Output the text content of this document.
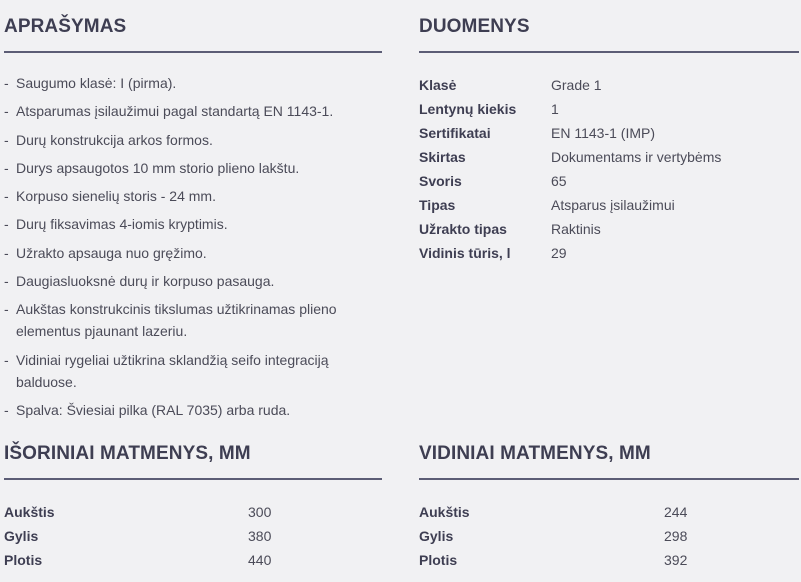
APRAŠYMAS
- Saugumo klasė: I (pirma).
- Atsparumas įsilaužimui pagal standartą EN 1143-1.
- Durų konstrukcija arkos formos.
- Durys apsaugotos 10 mm storio plieno lakštu.
- Korpuso sienelių storis - 24 mm.
- Durų fiksavimas 4-iomis kryptimis.
- Užrakto apsauga nuo gręžimo.
- Daugiasluoksnė durų ir korpuso pasauga.
- Aukštas konstrukcinis tikslumas užtikrinamas plieno elementus pjaunant lazeriu.
- Vidiniai rygeliai užtikrina sklandžią seifo integraciją balduose.
- Spalva: Šviesiai pilka (RAL 7035) arba ruda.
DUOMENYS
Klasė	Grade 1
Lentynų kiekis	1
Sertifikatai	EN 1143-1 (IMP)
Skirtas	Dokumentams ir vertybėms
Svoris	65
Tipas	Atsparus įsilaužimui
Užrakto tipas	Raktinis
Vidinis tūris, l	29
IŠORINIAI MATMENYS, MM
Aukštis	300
Gylis	380
Plotis	440
VIDINIAI MATMENYS, MM
Aukštis	244
Gylis	298
Plotis	392
